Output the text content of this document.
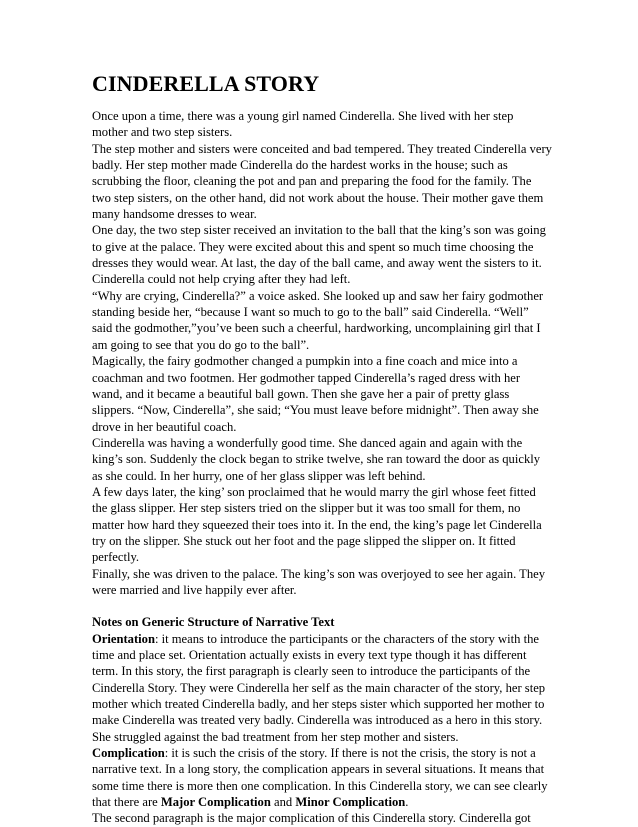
CINDERELLA STORY

Once upon a time, there was a young girl named Cinderella. She lived with her step mother and two step sisters.

The step mother and sisters were conceited and bad tempered. They treated Cinderella very badly. Her step mother made Cinderella do the hardest works in the house; such as scrubbing the floor, cleaning the pot and pan and preparing the food for the family. The two step sisters, on the other hand, did not work about the house. Their mother gave them many handsome dresses to wear.

One day, the two step sister received an invitation to the ball that the king’s son was going to give at the palace. They were excited about this and spent so much time choosing the dresses they would wear. At last, the day of the ball came, and away went the sisters to it. Cinderella could not help crying after they had left.

“Why are crying, Cinderella?” a voice asked. She looked up and saw her fairy godmother standing beside her, “because I want so much to go to the ball” said Cinderella. “Well” said the godmother,”you’ve been such a cheerful, hardworking, uncomplaining girl that I am going to see that you do go to the ball”.

Magically, the fairy godmother changed a pumpkin into a fine coach and mice into a coachman and two footmen. Her godmother tapped Cinderella’s raged dress with her wand, and it became a beautiful ball gown. Then she gave her a pair of pretty glass slippers. “Now, Cinderella”, she said; “You must leave before midnight”. Then away she drove in her beautiful coach.

Cinderella was having a wonderfully good time. She danced again and again with the king’s son. Suddenly the clock began to strike twelve, she ran toward the door as quickly as she could. In her hurry, one of her glass slipper was left behind.

A few days later, the king’ son proclaimed that he would marry the girl whose feet fitted the glass slipper. Her step sisters tried on the slipper but it was too small for them, no matter how hard they squeezed their toes into it. In the end, the king’s page let Cinderella try on the slipper. She stuck out her foot and the page slipped the slipper on. It fitted perfectly.

Finally, she was driven to the palace. The king’s son was overjoyed to see her again. They were married and live happily ever after.

Notes on Generic Structure of Narrative Text

Orientation: it means to introduce the participants or the characters of the story with the time and place set. Orientation actually exists in every text type though it has different term. In this story, the first paragraph is clearly seen to introduce the participants of the Cinderella Story. They were Cinderella her self as the main character of the story, her step mother which treated Cinderella badly, and her steps sister which supported her mother to make Cinderella was treated very badly. Cinderella was introduced as a hero in this story. She struggled against the bad treatment from her step mother and sisters.

Complication: it is such the crisis of the story. If there is not the crisis, the story is not a narrative text. In a long story, the complication appears in several situations. It means that some time there is more then one complication. In this Cinderella story, we can see clearly that there are Major Complication and Minor Complication.

The second paragraph is the major complication of this Cinderella story. Cinderella got
